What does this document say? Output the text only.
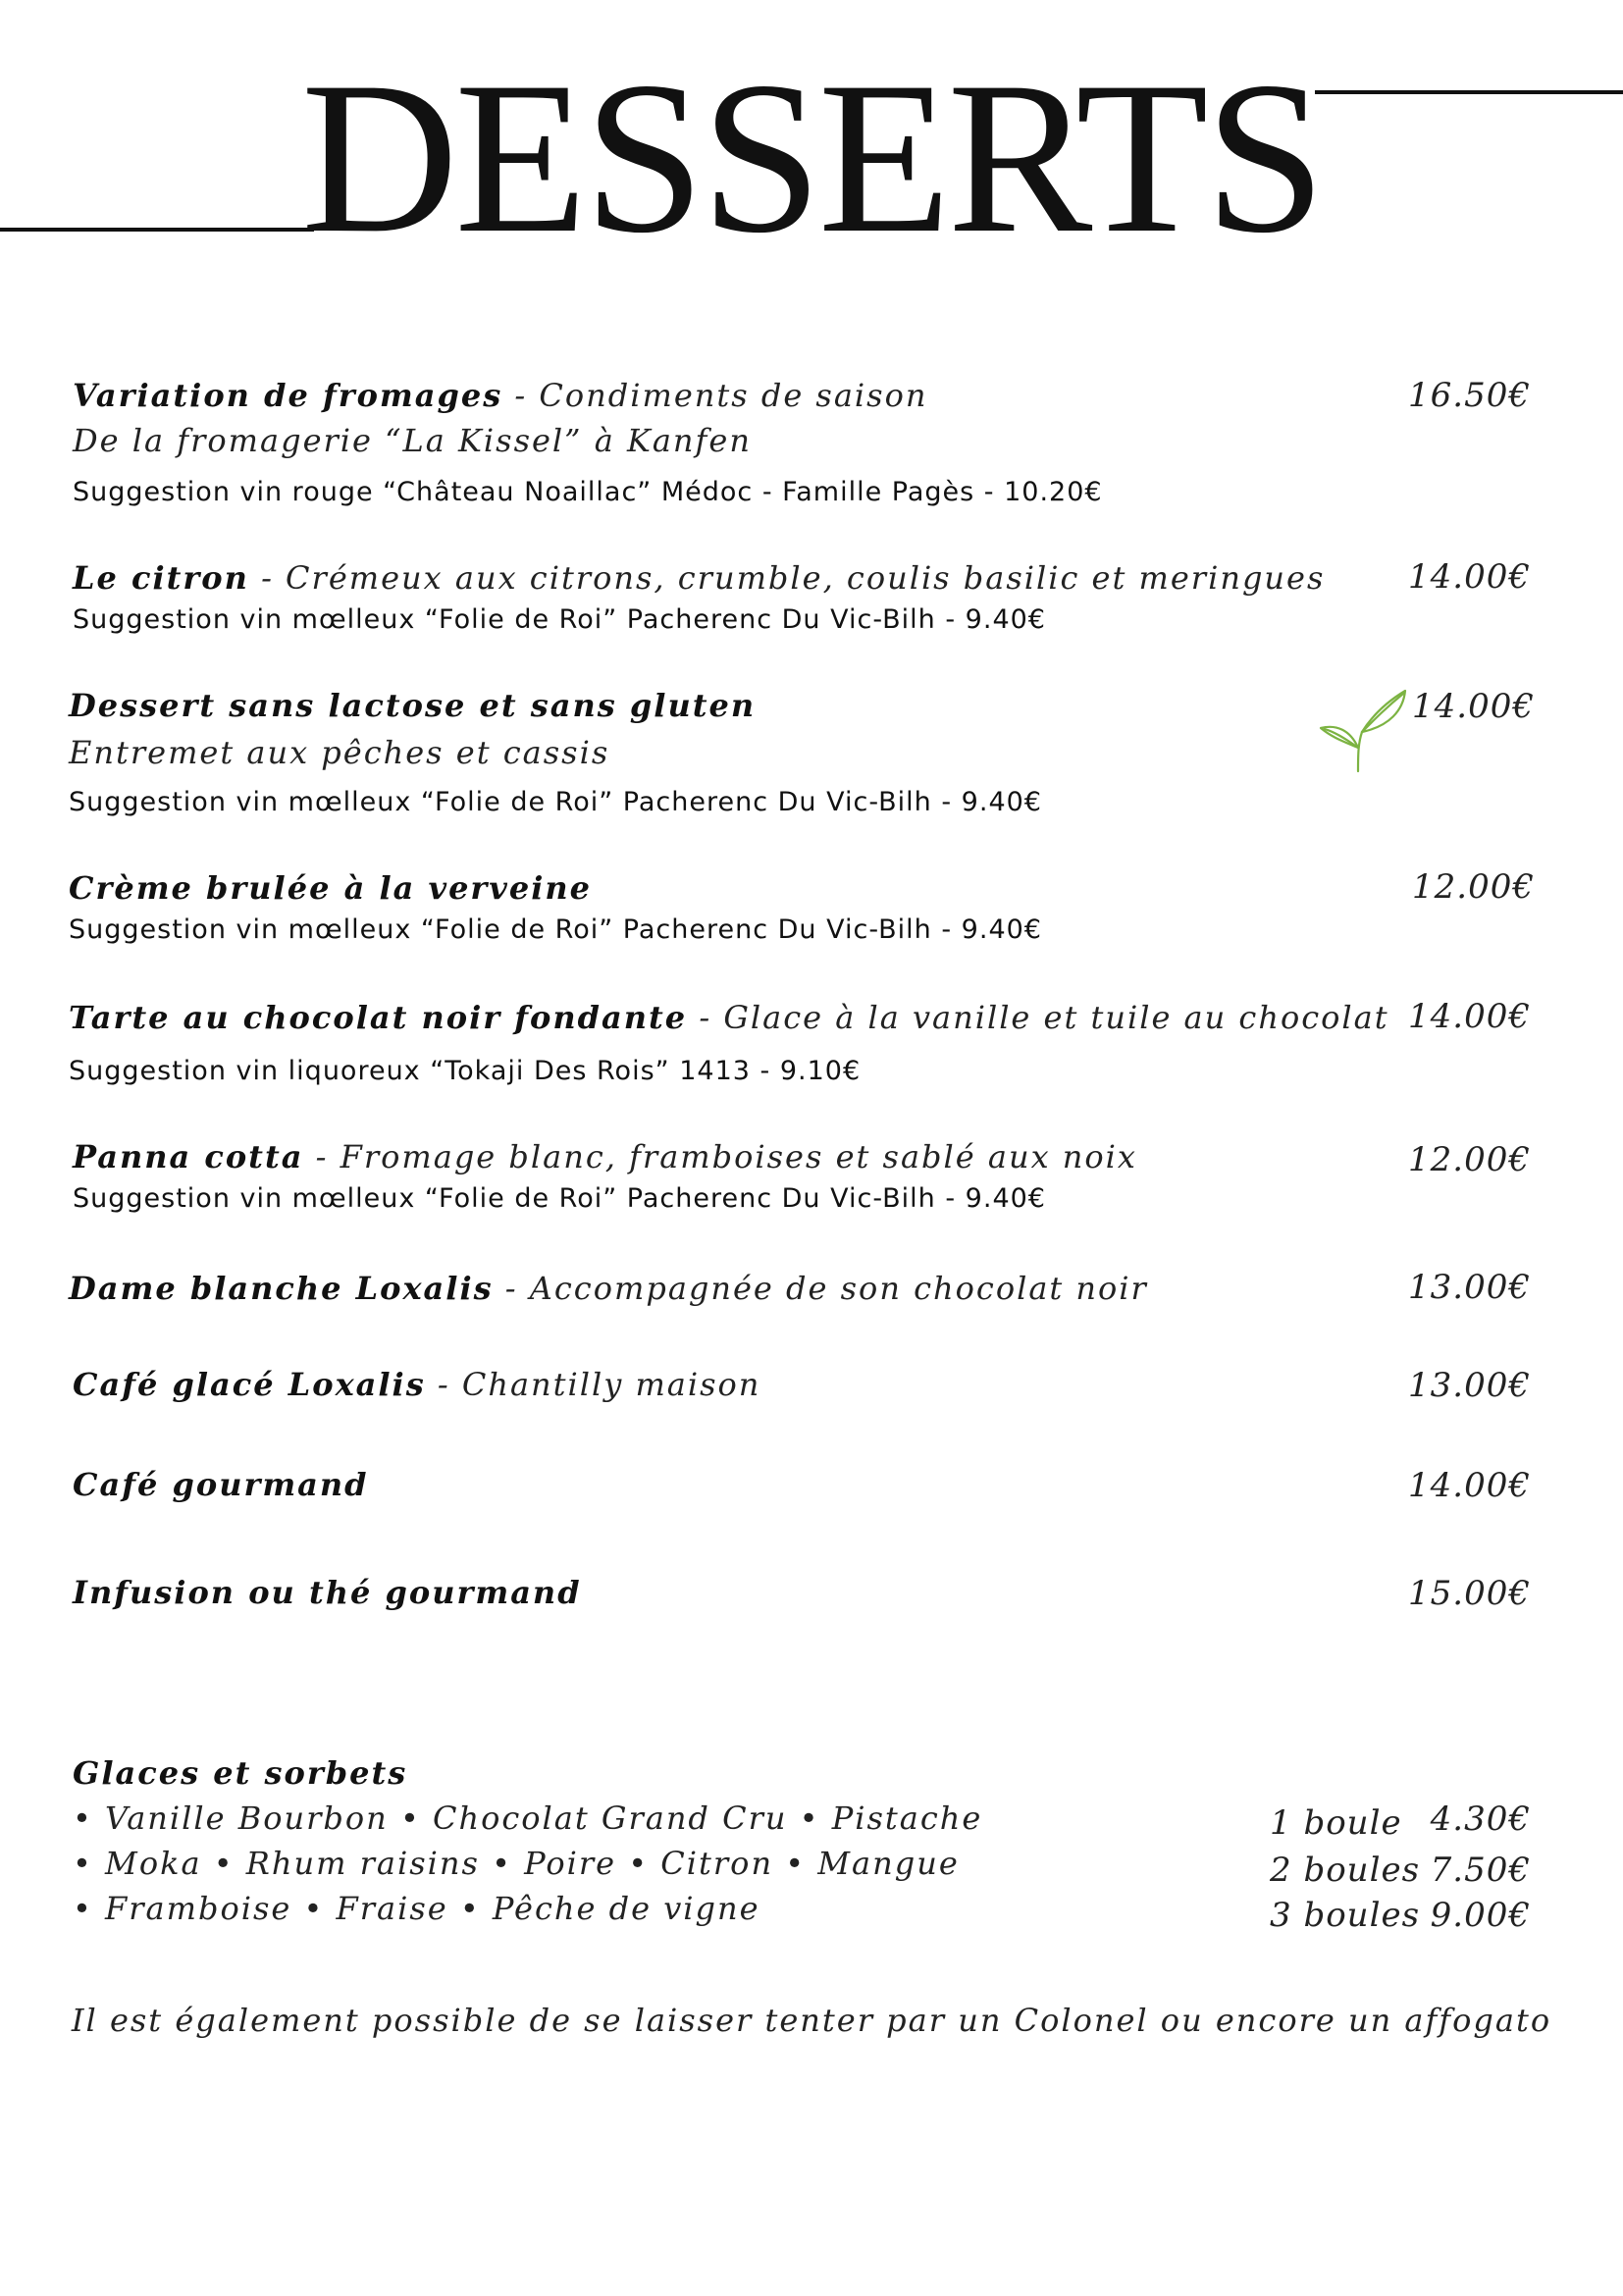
DESSERTS
Variation de fromages - Condiments de saison
De la fromagerie “La Kissel” à Kanfen
Suggestion vin rouge “Château Noaillac” Médoc - Famille Pagès - 10.20€
16.50€
Le citron - Crémeux aux citrons, crumble, coulis basilic et meringues
Suggestion vin mœlleux “Folie de Roi” Pacherenc Du Vic-Bilh - 9.40€
14.00€
Dessert sans lactose et sans gluten
Entremet aux pêches et cassis
Suggestion vin mœlleux “Folie de Roi” Pacherenc Du Vic-Bilh - 9.40€
14.00€
Crème brulée à la verveine
Suggestion vin mœlleux “Folie de Roi” Pacherenc Du Vic-Bilh - 9.40€
12.00€
Tarte au chocolat noir fondante - Glace à la vanille et tuile au chocolat
Suggestion vin liquoreux “Tokaji Des Rois” 1413 - 9.10€
14.00€
Panna cotta - Fromage blanc, framboises et sablé aux noix
Suggestion vin mœlleux “Folie de Roi” Pacherenc Du Vic-Bilh - 9.40€
12.00€
Dame blanche Loxalis - Accompagnée de son chocolat noir	13.00€
Café glacé Loxalis - Chantilly maison	13.00€
Café gourmand	14.00€
Infusion ou thé gourmand	15.00€
Glaces et sorbets
• Vanille Bourbon • Chocolat Grand Cru • Pistache
• Moka • Rhum raisins • Poire • Citron • Mangue
• Framboise • Fraise • Pêche de vigne
1 boule 4.30€
2 boules 7.50€
3 boules 9.00€
Il est également possible de se laisser tenter par un Colonel ou encore un affogato
